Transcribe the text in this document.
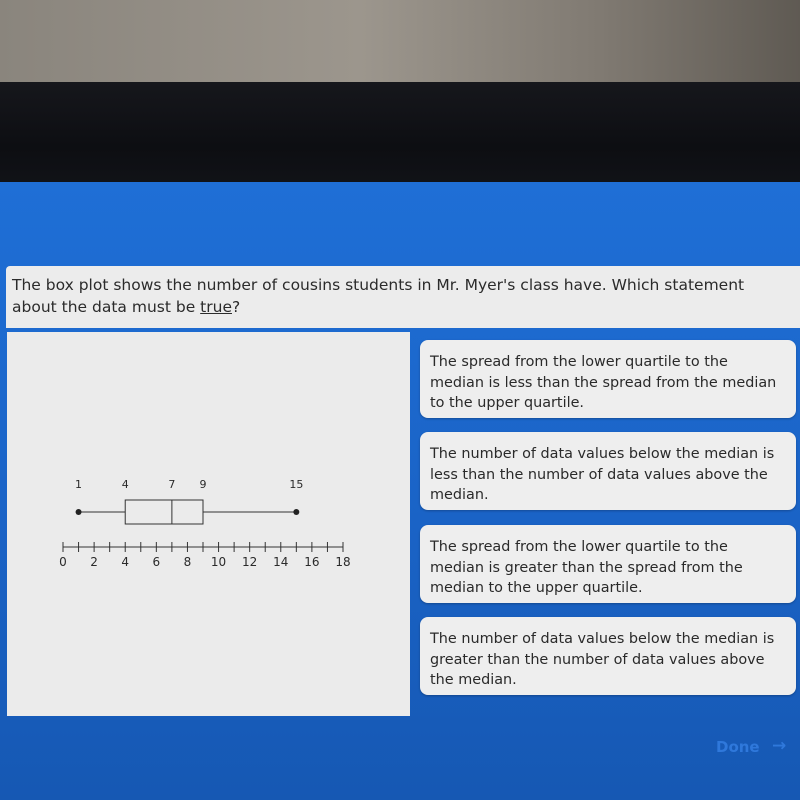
The box plot shows the number of cousins students in Mr. Myer's class have. Which statement about the data must be true?
1	4	7 9	15
0 2 4 6 8 10 12 14 16 18
The spread from the lower quartile to the median is less than the spread from the median to the upper quartile.
The number of data values below the median is less than the number of data values above the median.
The spread from the lower quartile to the median is greater than the spread from the median to the upper quartile.
The number of data values below the median is greater than the number of data values above the median.
Done →
